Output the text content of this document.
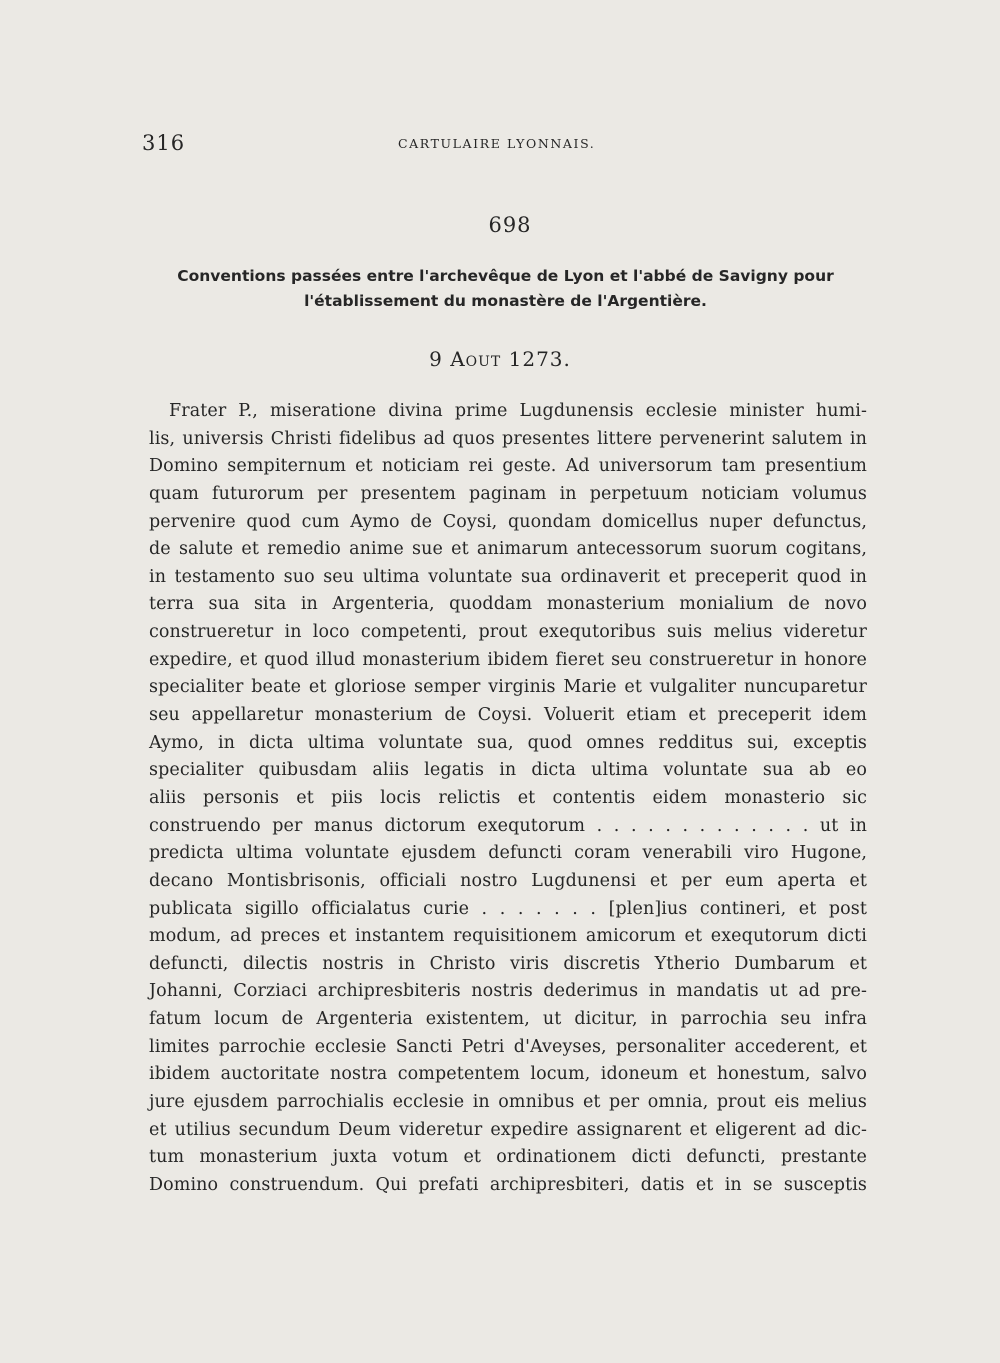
316	CARTULAIRE LYONNAIS.
698
Conventions passées entre l'archevêque de Lyon et l'abbé de Savigny pour l'établissement du monastère de l'Argentière.
9 Aout 1273.
Frater P., miseratione divina prime Lugdunensis ecclesie minister humi-
lis, universis Christi fidelibus ad quos presentes littere pervenerint salutem in
Domino sempiternum et noticiam rei geste. Ad universorum tam presentium
quam futurorum per presentem paginam in perpetuum noticiam volumus
pervenire quod cum Aymo de Coysi, quondam domicellus nuper defunctus,
de salute et remedio anime sue et animarum antecessorum suorum cogitans,
in testamento suo seu ultima voluntate sua ordinaverit et preceperit quod in
terra sua sita in Argenteria, quoddam monasterium monialium de novo
construeretur in loco competenti, prout exequtoribus suis melius videretur
expedire, et quod illud monasterium ibidem fieret seu construeretur in honore
specialiter beate et gloriose semper virginis Marie et vulgaliter nuncuparetur
seu appellaretur monasterium de Coysi. Voluerit etiam et preceperit idem
Aymo, in dicta ultima voluntate sua, quod omnes redditus sui, exceptis
specialiter quibusdam aliis legatis in dicta ultima voluntate sua ab eo
aliis personis et piis locis relictis et contentis eidem monasterio sic
construendo per manus dictorum exequtorum . . . . . . . . . . . . . ut in
predicta ultima voluntate ejusdem defuncti coram venerabili viro Hugone,
decano Montisbrisonis, officiali nostro Lugdunensi et per eum aperta et
publicata sigillo officialatus curie . . . . . . . [plen]ius contineri, et post
modum, ad preces et instantem requisitionem amicorum et exequtorum dicti
defuncti, dilectis nostris in Christo viris discretis Ytherio Dumbarum et
Johanni, Corziaci archipresbiteris nostris dederimus in mandatis ut ad pre-
fatum locum de Argenteria existentem, ut dicitur, in parrochia seu infra
limites parrochie ecclesie Sancti Petri d'Aveyses, personaliter accederent, et
ibidem auctoritate nostra competentem locum, idoneum et honestum, salvo
jure ejusdem parrochialis ecclesie in omnibus et per omnia, prout eis melius
et utilius secundum Deum videretur expedire assignarent et eligerent ad dic-
tum monasterium juxta votum et ordinationem dicti defuncti, prestante
Domino construendum. Qui prefati archipresbiteri, datis et in se susceptis
